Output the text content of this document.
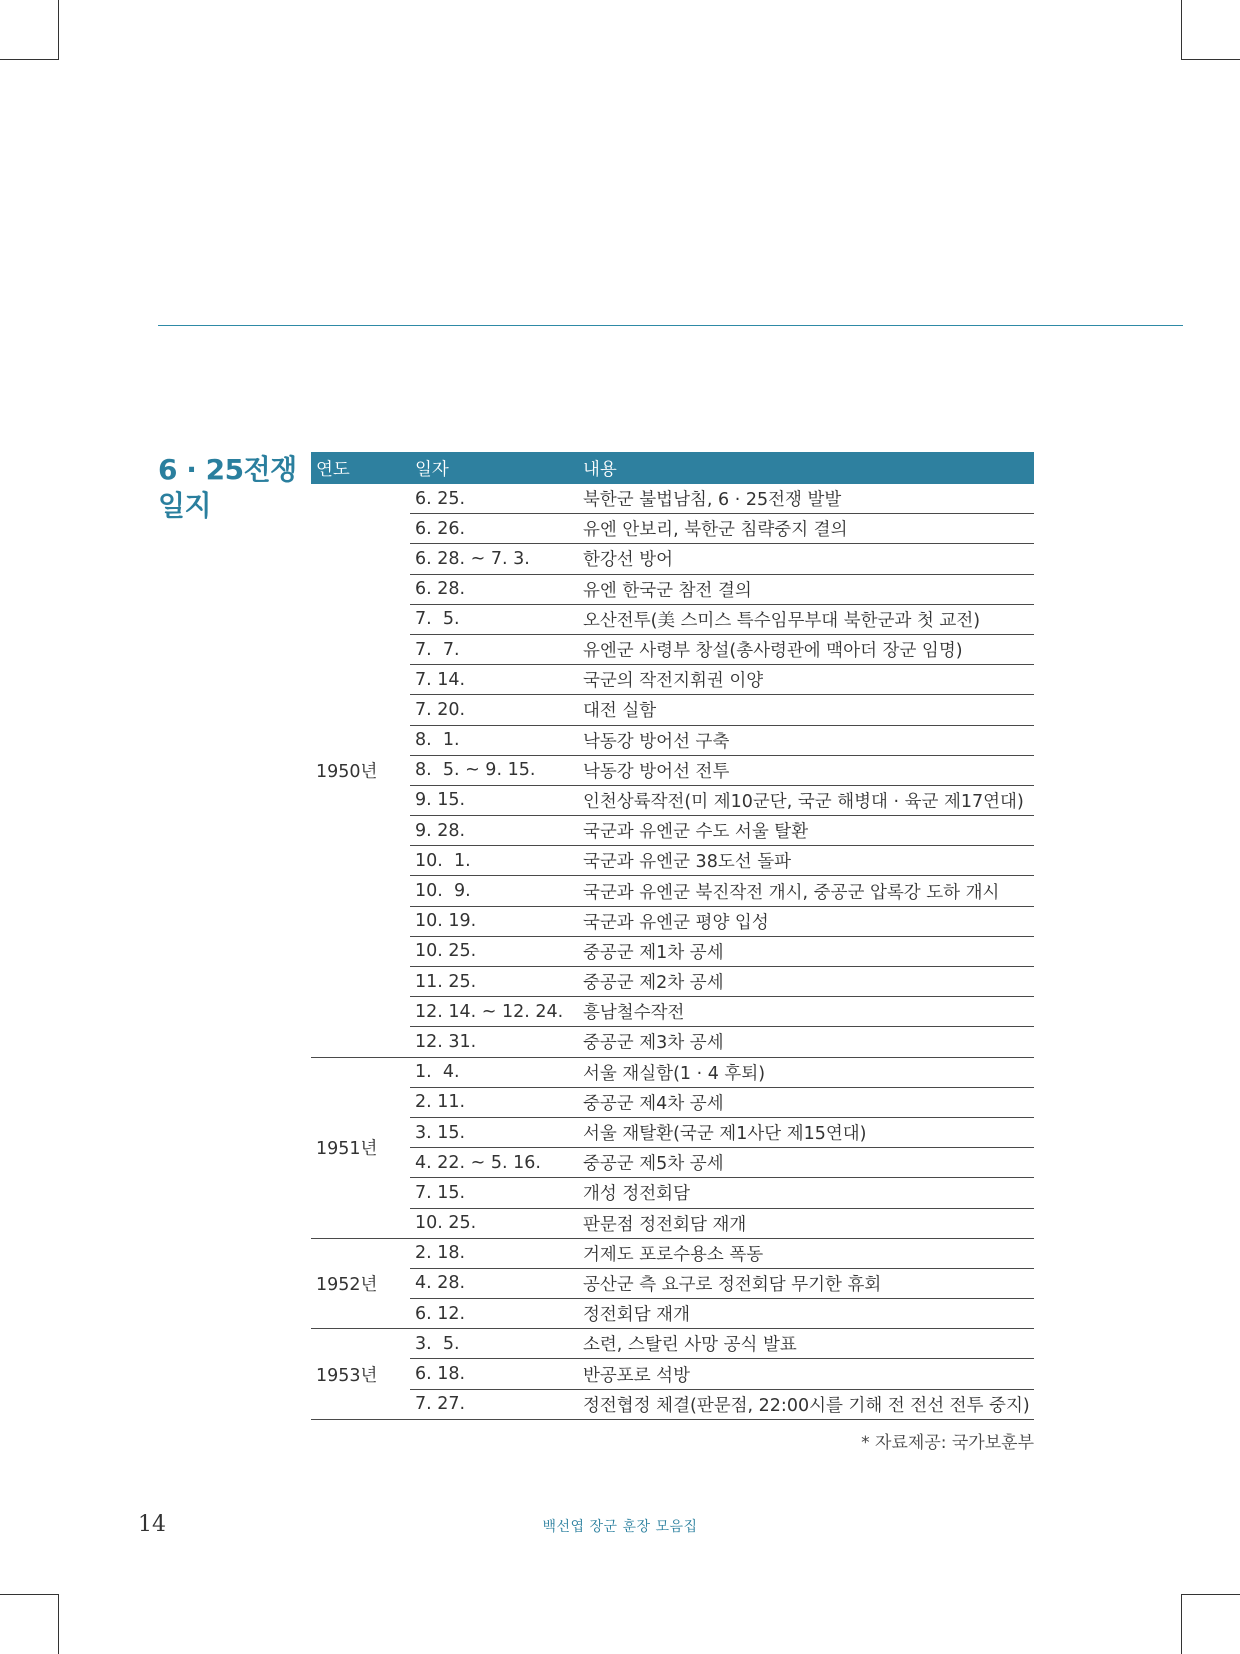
6 · 25전쟁
일지
연도	일자	내용
1950년	6. 25.	북한군 불법남침, 6 · 25전쟁 발발
	6. 26.	유엔 안보리, 북한군 침략중지 결의
	6. 28. ~ 7. 3.	한강선 방어
	6. 28.	유엔 한국군 참전 결의
	7.  5.	오산전투(美 스미스 특수임무부대 북한군과 첫 교전)
	7.  7.	유엔군 사령부 창설(총사령관에 맥아더 장군 임명)
	7. 14.	국군의 작전지휘권 이양
	7. 20.	대전 실함
	8.  1.	낙동강 방어선 구축
	8.  5. ~ 9. 15.	낙동강 방어선 전투
	9. 15.	인천상륙작전(미 제10군단, 국군 해병대 · 육군 제17연대)
	9. 28.	국군과 유엔군 수도 서울 탈환
	10.  1.	국군과 유엔군 38도선 돌파
	10.  9.	국군과 유엔군 북진작전 개시, 중공군 압록강 도하 개시
	10. 19.	국군과 유엔군 평양 입성
	10. 25.	중공군 제1차 공세
	11. 25.	중공군 제2차 공세
	12. 14. ~ 12. 24.	흥남철수작전
	12. 31.	중공군 제3차 공세
1951년	1.  4.	서울 재실함(1 · 4 후퇴)
	2. 11.	중공군 제4차 공세
	3. 15.	서울 재탈환(국군 제1사단 제15연대)
	4. 22. ~ 5. 16.	중공군 제5차 공세
	7. 15.	개성 정전회담
	10. 25.	판문점 정전회담 재개
1952년	2. 18.	거제도 포로수용소 폭동
	4. 28.	공산군 측 요구로 정전회담 무기한 휴회
	6. 12.	정전회담 재개
1953년	3.  5.	소련, 스탈린 사망 공식 발표
	6. 18.	반공포로 석방
	7. 27.	정전협정 체결(판문점, 22:00시를 기해 전 전선 전투 중지)
* 자료제공: 국가보훈부
14	백선엽 장군 훈장 모음집
